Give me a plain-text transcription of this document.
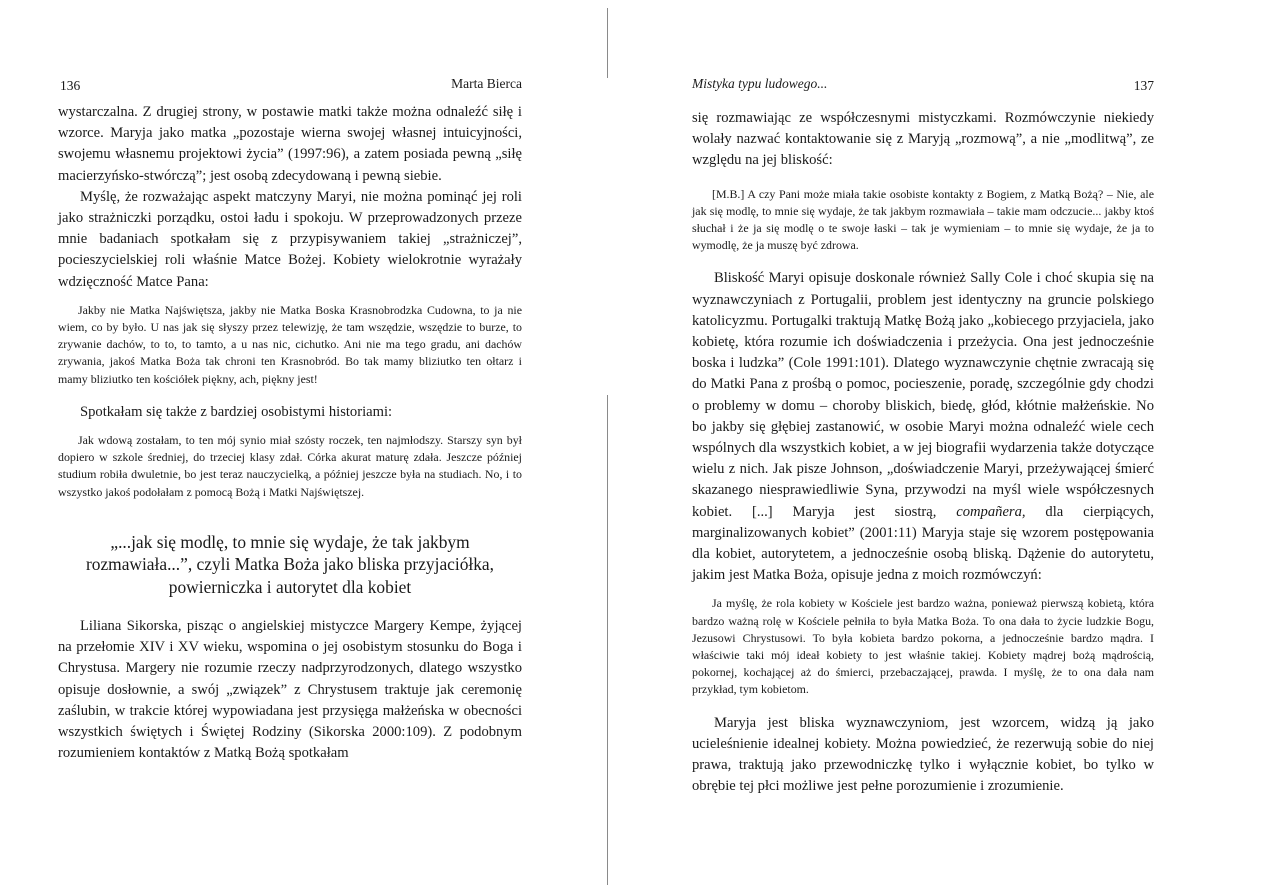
136	Marta Bierca

wystarczalna. Z drugiej strony, w postawie matki także można odnaleźć siłę i wzorce. Maryja jako matka „pozostaje wierna swojej własnej intuicyjności, swojemu własnemu projektowi życia” (1997:96), a zatem posiada pewną „siłę macierzyńsko-stwórczą”; jest osobą zdecydowaną i pewną siebie.

Myślę, że rozważając aspekt matczyny Maryi, nie można pominąć jej roli jako strażniczki porządku, ostoi ładu i spokoju. W przeprowadzonych przeze mnie badaniach spotkałam się z przypisywaniem takiej „strażniczej”, pocieszycielskiej roli właśnie Matce Bożej. Kobiety wielokrotnie wyrażały wdzięczność Matce Pana:

Jakby nie Matka Najświętsza, jakby nie Matka Boska Krasnobrodzka Cudowna, to ja nie wiem, co by było. U nas jak się słyszy przez telewizję, że tam wszędzie, wszędzie to burze, to zrywanie dachów, to to, to tamto, a u nas nic, cichutko. Ani nie ma tego gradu, ani dachów zrywania, jakoś Matka Boża tak chroni ten Krasnobród. Bo tak mamy bliziutko ten ołtarz i mamy bliziutko ten kościółek piękny, ach, piękny jest!

Spotkałam się także z bardziej osobistymi historiami:

Jak wdową zostałam, to ten mój synio miał szósty roczek, ten najmłodszy. Starszy syn był dopiero w szkole średniej, do trzeciej klasy zdał. Córka akurat maturę zdała. Jeszcze później studium robiła dwuletnie, bo jest teraz nauczycielką, a później jeszcze była na studiach. No, i to wszystko jakoś podołałam z pomocą Bożą i Matki Najświętszej.

„...jak się modlę, to mnie się wydaje, że tak jakbym
rozmawiała...”, czyli Matka Boża jako bliska przyjaciółka,
powierniczka i autorytet dla kobiet

Liliana Sikorska, pisząc o angielskiej mistyczce Margery Kempe, żyjącej na przełomie XIV i XV wieku, wspomina o jej osobistym stosunku do Boga i Chrystusa. Margery nie rozumie rzeczy nadprzyrodzonych, dlatego wszystko opisuje dosłownie, a swój „związek” z Chrystusem traktuje jak ceremonię zaślubin, w trakcie której wypowiadana jest przysięga małżeńska w obecności wszystkich świętych i Świętej Rodziny (Sikorska 2000:109). Z podobnym rozumieniem kontaktów z Matką Bożą spotkałam

Mistyka typu ludowego...	137

się rozmawiając ze współczesnymi mistyczkami. Rozmówczynie niekiedy wolały nazwać kontaktowanie się z Maryją „rozmową”, a nie „modlitwą”, ze względu na jej bliskość:

[M.B.] A czy Pani może miała takie osobiste kontakty z Bogiem, z Matką Bożą? – Nie, ale jak się modlę, to mnie się wydaje, że tak jakbym rozmawiała – takie mam odczucie... jakby ktoś słuchał i że ja się modlę o te swoje łaski – tak je wymieniam – to mnie się wydaje, że ja to wymodlę, że ja muszę być zdrowa.

Bliskość Maryi opisuje doskonale również Sally Cole i choć skupia się na wyznawczyniach z Portugalii, problem jest identyczny na gruncie polskiego katolicyzmu. Portugalki traktują Matkę Bożą jako „kobiecego przyjaciela, jako kobietę, która rozumie ich doświadczenia i przeżycia. Ona jest jednocześnie boska i ludzka” (Cole 1991:101). Dlatego wyznawczynie chętnie zwracają się do Matki Pana z prośbą o pomoc, pocieszenie, poradę, szczególnie gdy chodzi o problemy w domu – choroby bliskich, biedę, głód, kłótnie małżeńskie. No bo jakby się głębiej zastanowić, w osobie Maryi można odnaleźć wiele cech wspólnych dla wszystkich kobiet, a w jej biografii wydarzenia także dotyczące wielu z nich. Jak pisze Johnson, „doświadczenie Maryi, przeżywającej śmierć skazanego niesprawiedliwie Syna, przywodzi na myśl wiele współczesnych kobiet. [...] Maryja jest siostrą, compañera, dla cierpiących, marginalizowanych kobiet” (2001:11) Maryja staje się wzorem postępowania dla kobiet, autorytetem, a jednocześnie osobą bliską. Dążenie do autorytetu, jakim jest Matka Boża, opisuje jedna z moich rozmówczyń:

Ja myślę, że rola kobiety w Kościele jest bardzo ważna, ponieważ pierwszą kobietą, która bardzo ważną rolę w Kościele pełniła to była Matka Boża. To ona dała to życie ludzkie Bogu, Jezusowi Chrystusowi. To była kobieta bardzo pokorna, a jednocześnie bardzo mądra. I właściwie taki mój ideał kobiety to jest właśnie takiej. Kobiety mądrej bożą mądrością, pokornej, kochającej aż do śmierci, przebaczającej, prawda. I myślę, że to ona dała nam przykład, tym kobietom.

Maryja jest bliska wyznawczyniom, jest wzorcem, widzą ją jako ucieleśnienie idealnej kobiety. Można powiedzieć, że rezerwują sobie do niej prawa, traktują jako przewodniczkę tylko i wyłącznie kobiet, bo tylko w obrębie tej płci możliwe jest pełne porozumienie i zrozumienie.
